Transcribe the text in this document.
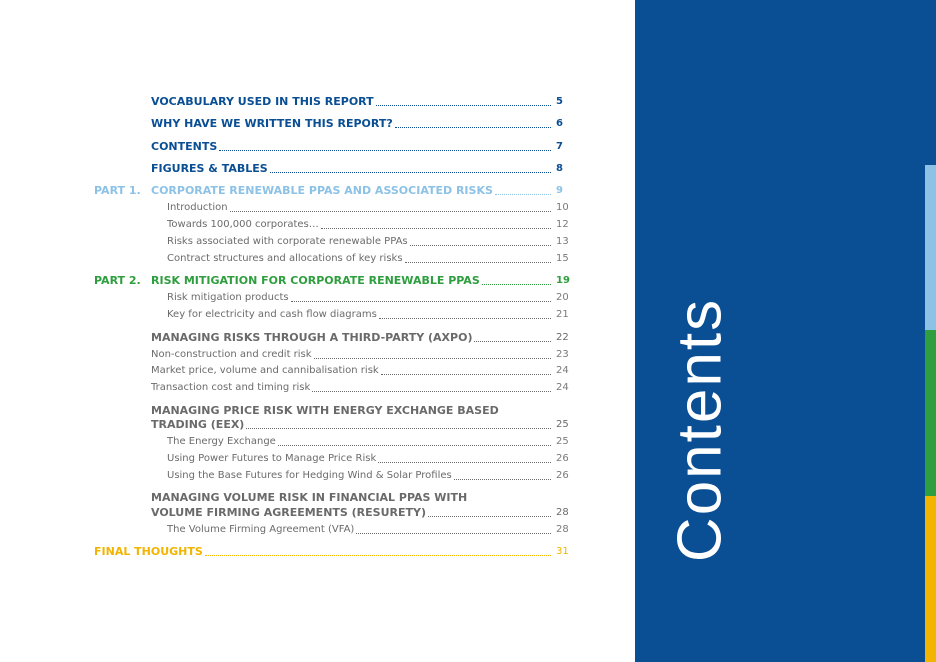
VOCABULARY USED IN THIS REPORT	5
WHY HAVE WE WRITTEN THIS REPORT?	6
CONTENTS	7
FIGURES & TABLES	8
PART 1. CORPORATE RENEWABLE PPAS AND ASSOCIATED RISKS	9
Introduction	10
Towards 100,000 corporates…	12
Risks associated with corporate renewable PPAs	13
Contract structures and allocations of key risks	15
PART 2. RISK MITIGATION FOR CORPORATE RENEWABLE PPAS	19
Risk mitigation products	20
Key for electricity and cash flow diagrams	21
MANAGING RISKS THROUGH A THIRD-PARTY (AXPO)	22
Non-construction and credit risk	23
Market price, volume and cannibalisation risk	24
Transaction cost and timing risk	24
MANAGING PRICE RISK WITH ENERGY EXCHANGE BASED
TRADING (EEX)	25
The Energy Exchange	25
Using Power Futures to Manage Price Risk	26
Using the Base Futures for Hedging Wind & Solar Profiles	26
MANAGING VOLUME RISK IN FINANCIAL PPAS WITH
VOLUME FIRMING AGREEMENTS (RESURETY)	28
The Volume Firming Agreement (VFA)	28
FINAL THOUGHTS	31 Contents
